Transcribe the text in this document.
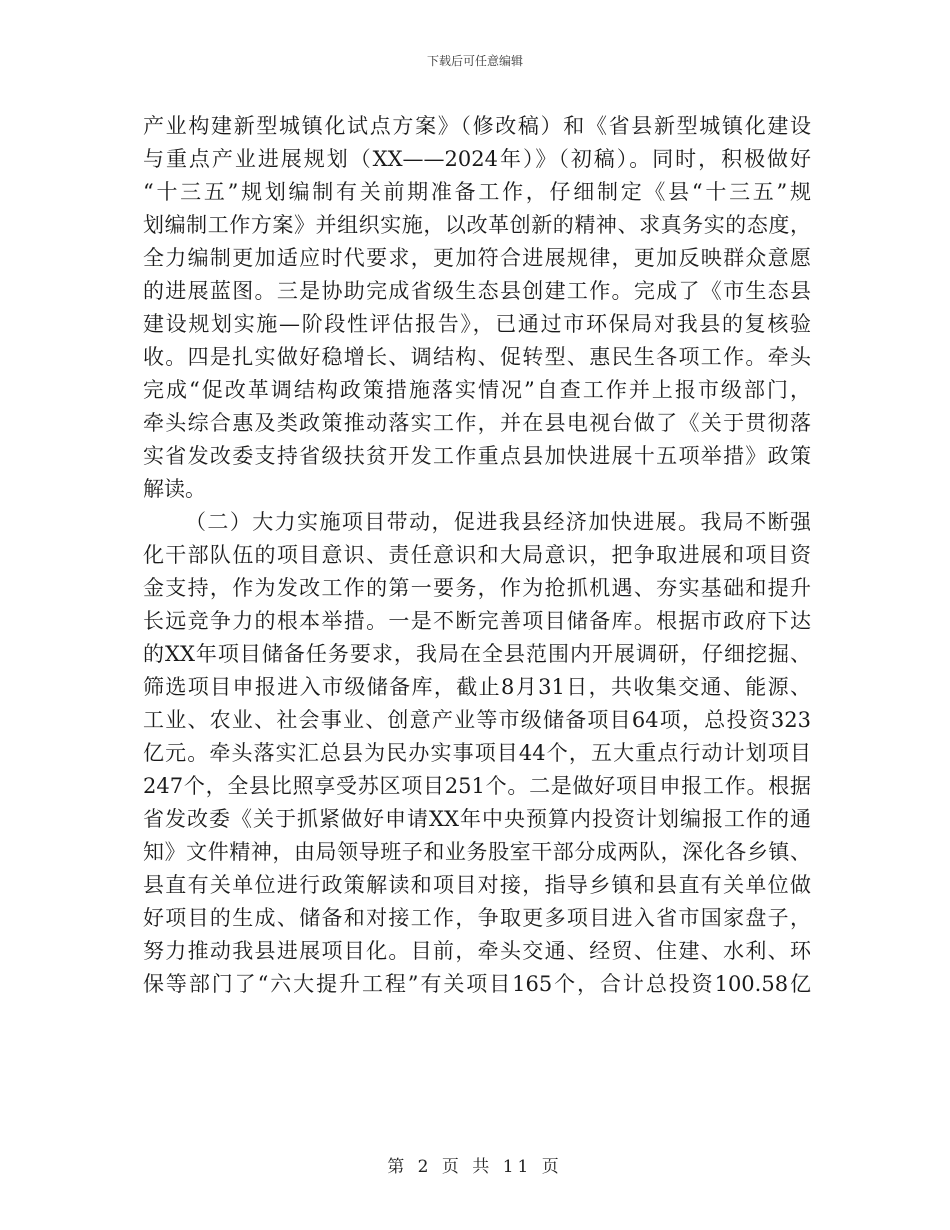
下载后可任意编辑
产业构建新型城镇化试点方案》（修改稿）和《省县新型城镇化建设
与重点产业进展规划（XX——2024年）》（初稿）。同时，积极做好
“十三五”规划编制有关前期准备工作，仔细制定《县“十三五”规
划编制工作方案》并组织实施，以改革创新的精神、求真务实的态度，
全力编制更加适应时代要求，更加符合进展规律，更加反映群众意愿
的进展蓝图。三是协助完成省级生态县创建工作。完成了《市生态县
建设规划实施—阶段性评估报告》，已通过市环保局对我县的复核验
收。四是扎实做好稳增长、调结构、促转型、惠民生各项工作。牵头
完成“促改革调结构政策措施落实情况”自查工作并上报市级部门，
牵头综合惠及类政策推动落实工作，并在县电视台做了《关于贯彻落
实省发改委支持省级扶贫开发工作重点县加快进展十五项举措》政策
解读。
（二）大力实施项目带动，促进我县经济加快进展。我局不断强
化干部队伍的项目意识、责任意识和大局意识，把争取进展和项目资
金支持，作为发改工作的第一要务，作为抢抓机遇、夯实基础和提升
长远竞争力的根本举措。一是不断完善项目储备库。根据市政府下达
的XX年项目储备任务要求，我局在全县范围内开展调研，仔细挖掘、
筛选项目申报进入市级储备库，截止8月31日，共收集交通、能源、
工业、农业、社会事业、创意产业等市级储备项目64项，总投资323
亿元。牵头落实汇总县为民办实事项目44个，五大重点行动计划项目
247个，全县比照享受苏区项目251个。二是做好项目申报工作。根据
省发改委《关于抓紧做好申请XX年中央预算内投资计划编报工作的通
知》文件精神，由局领导班子和业务股室干部分成两队，深化各乡镇、
县直有关单位进行政策解读和项目对接，指导乡镇和县直有关单位做
好项目的生成、储备和对接工作，争取更多项目进入省市国家盘子，
努力推动我县进展项目化。目前，牵头交通、经贸、住建、水利、环
保等部门了“六大提升工程”有关项目165个，合计总投资100.58亿
第 2 页 共 11 页
